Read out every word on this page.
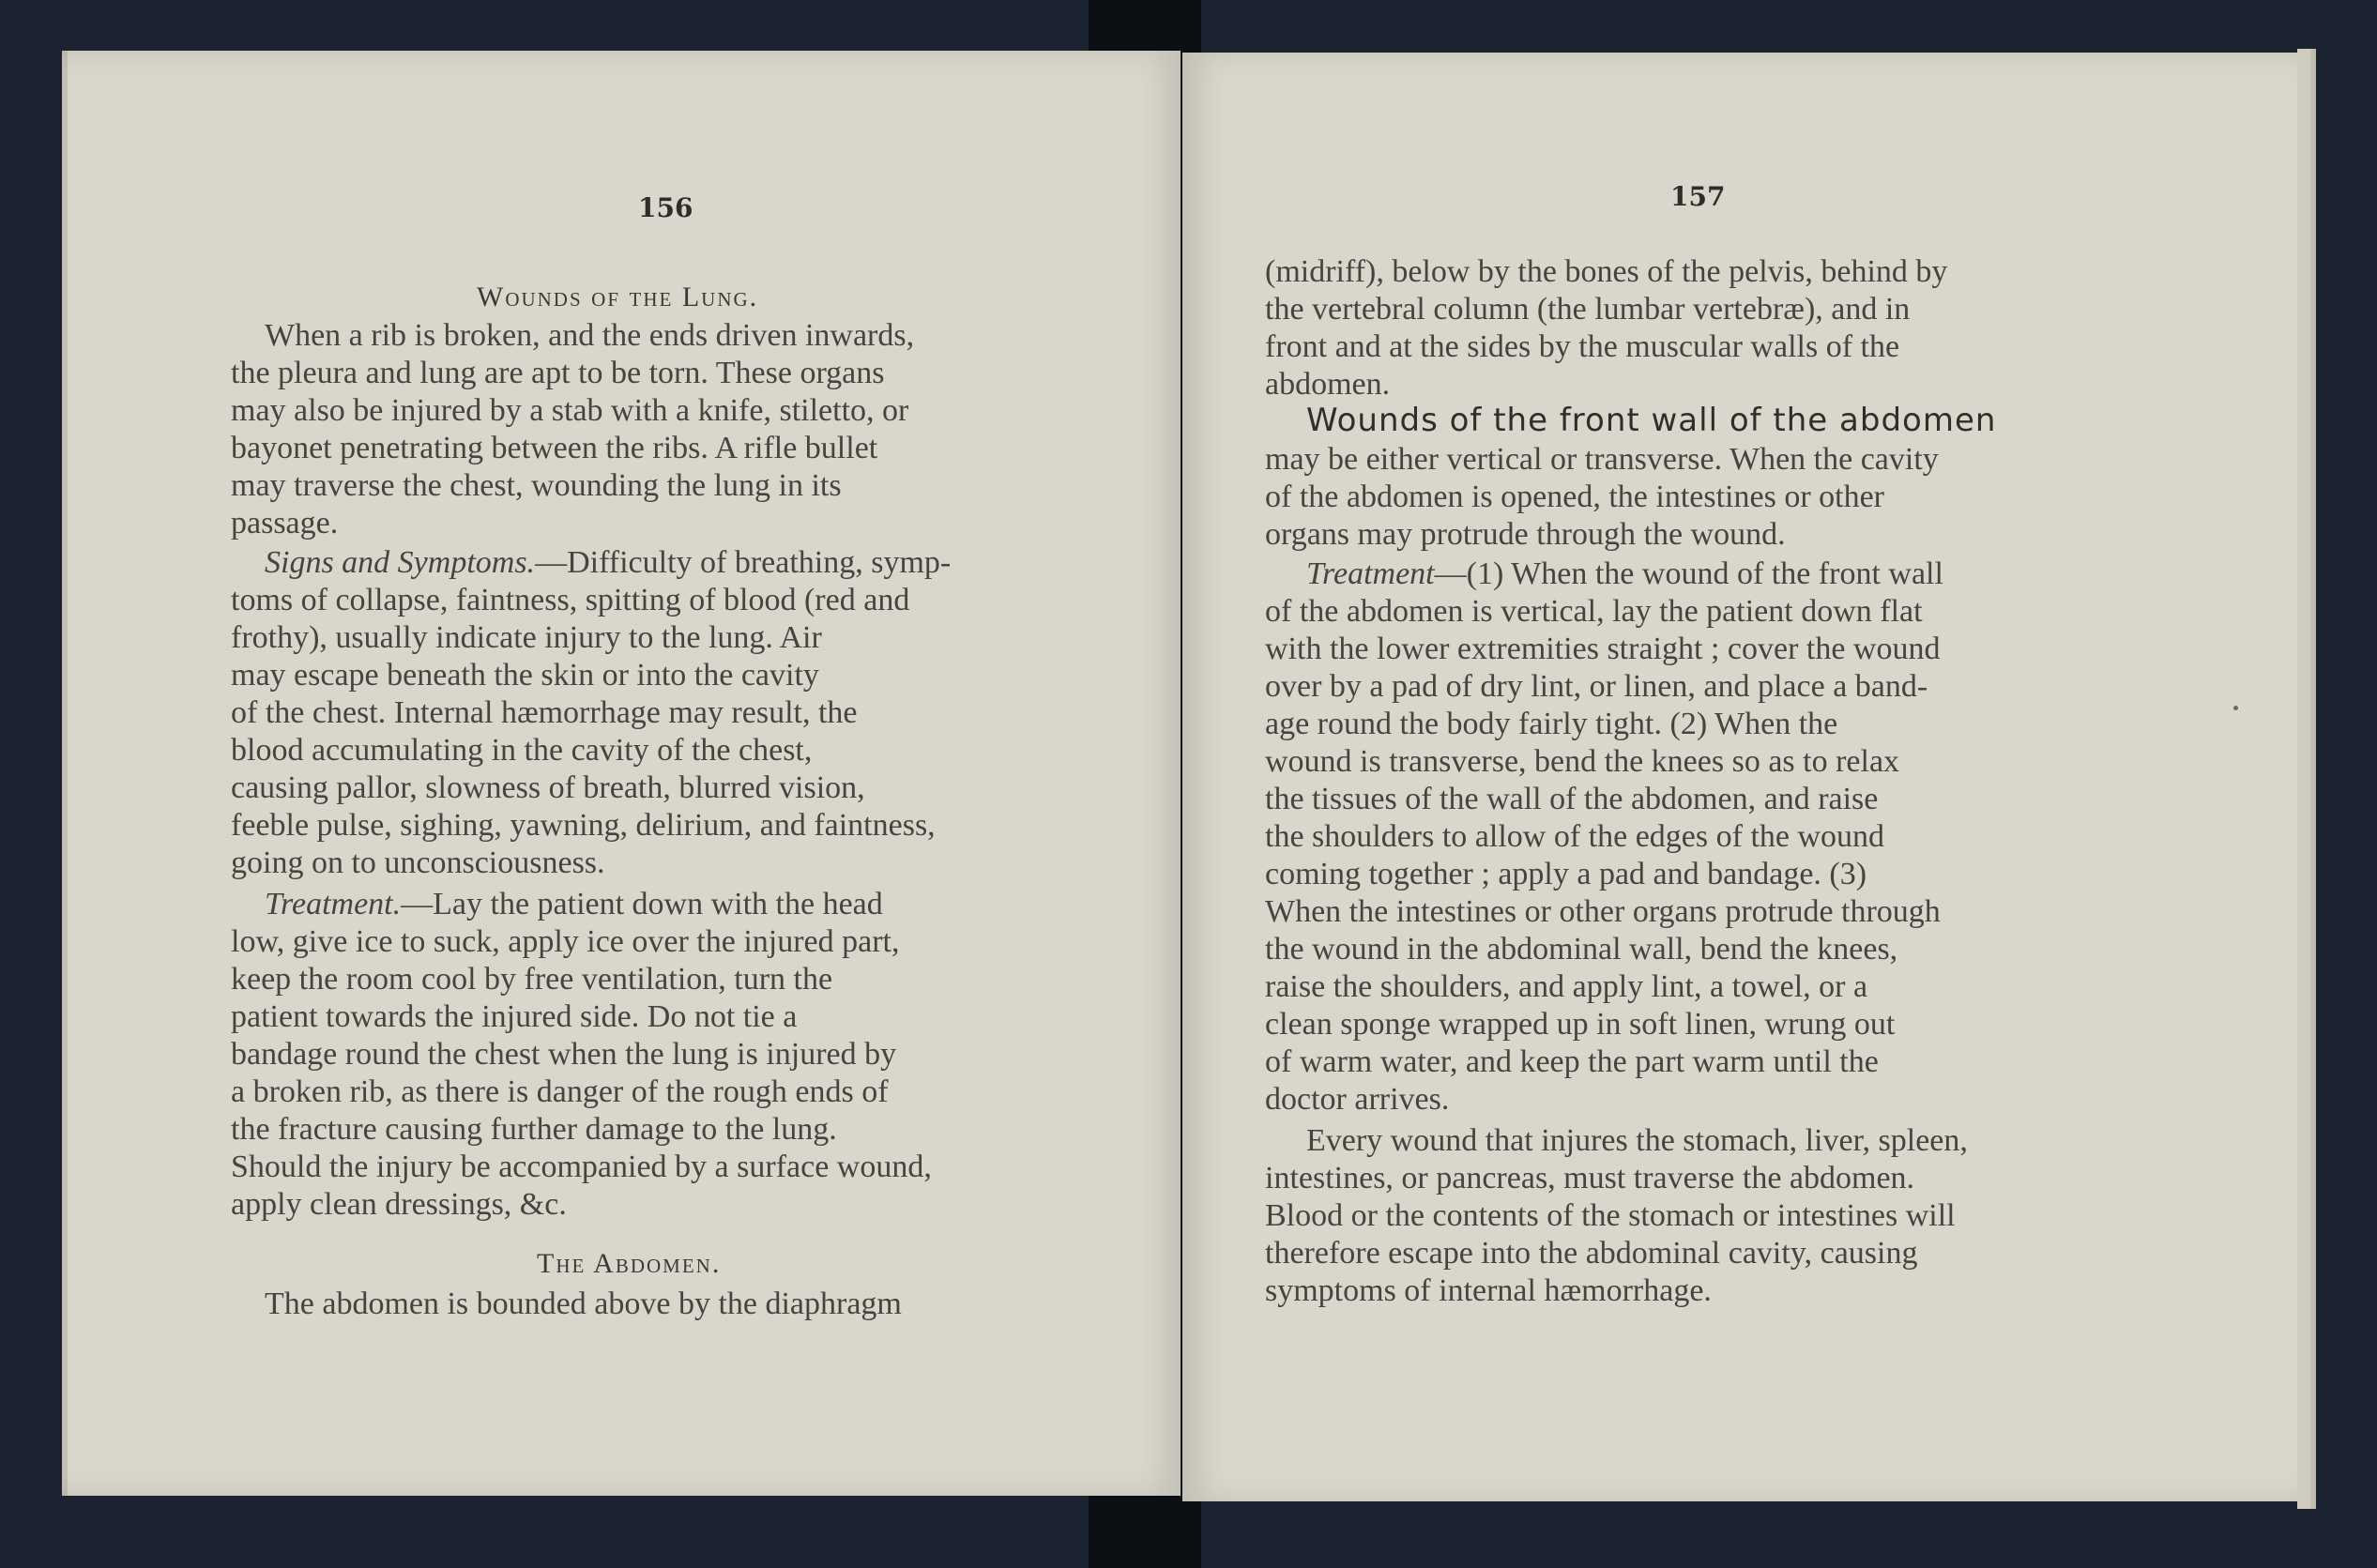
156
Wounds of the Lung.
When a rib is broken, and the ends driven inwards,
the pleura and lung are apt to be torn. These organs
may also be injured by a stab with a knife, stiletto, or
bayonet penetrating between the ribs. A rifle bullet
may traverse the chest, wounding the lung in its
passage.
Signs and Symptoms.—Difficulty of breathing, symp-
toms of collapse, faintness, spitting of blood (red and
frothy), usually indicate injury to the lung. Air
may escape beneath the skin or into the cavity
of the chest. Internal hæmorrhage may result, the
blood accumulating in the cavity of the chest,
causing pallor, slowness of breath, blurred vision,
feeble pulse, sighing, yawning, delirium, and faintness,
going on to unconsciousness.
Treatment.—Lay the patient down with the head
low, give ice to suck, apply ice over the injured part,
keep the room cool by free ventilation, turn the
patient towards the injured side. Do not tie a
bandage round the chest when the lung is injured by
a broken rib, as there is danger of the rough ends of
the fracture causing further damage to the lung.
Should the injury be accompanied by a surface wound,
apply clean dressings, &c.
The Abdomen.
The abdomen is bounded above by the diaphragm
157
(midriff), below by the bones of the pelvis, behind by
the vertebral column (the lumbar vertebræ), and in
front and at the sides by the muscular walls of the
abdomen.
Wounds of the front wall of the abdomen
may be either vertical or transverse. When the cavity
of the abdomen is opened, the intestines or other
organs may protrude through the wound.
Treatment—(1) When the wound of the front wall
of the abdomen is vertical, lay the patient down flat
with the lower extremities straight ; cover the wound
over by a pad of dry lint, or linen, and place a band-
age round the body fairly tight. (2) When the
wound is transverse, bend the knees so as to relax
the tissues of the wall of the abdomen, and raise
the shoulders to allow of the edges of the wound
coming together ; apply a pad and bandage. (3)
When the intestines or other organs protrude through
the wound in the abdominal wall, bend the knees,
raise the shoulders, and apply lint, a towel, or a
clean sponge wrapped up in soft linen, wrung out
of warm water, and keep the part warm until the
doctor arrives.
Every wound that injures the stomach, liver, spleen,
intestines, or pancreas, must traverse the abdomen.
Blood or the contents of the stomach or intestines will
therefore escape into the abdominal cavity, causing
symptoms of internal hæmorrhage.
